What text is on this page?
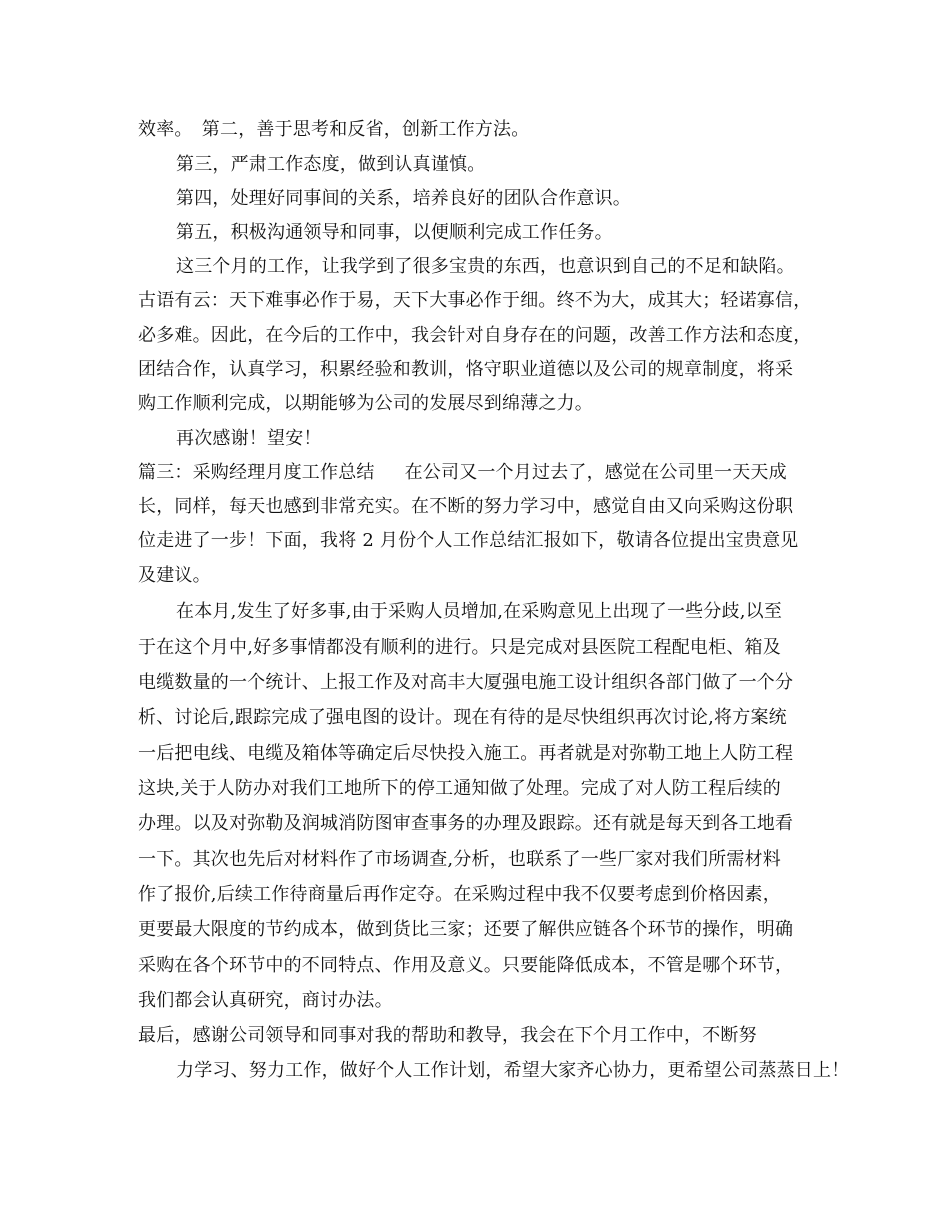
效率。　第二，善于思考和反省，创新工作方法。
第三，严肃工作态度，做到认真谨慎。
第四，处理好同事间的关系，培养良好的团队合作意识。
第五，积极沟通领导和同事，以便顺利完成工作任务。
这三个月的工作，让我学到了很多宝贵的东西，也意识到自己的不足和缺陷。
古语有云：天下难事必作于易，天下大事必作于细。终不为大，成其大；轻诺寡信，
必多难。因此，在今后的工作中，我会针对自身存在的问题，改善工作方法和态度，
团结合作，认真学习，积累经验和教训，恪守职业道德以及公司的规章制度，将采
购工作顺利完成，以期能够为公司的发展尽到绵薄之力。
再次感谢！望安！
篇三：采购经理月度工作总结 在公司又一个月过去了，感觉在公司里一天天成
长，同样，每天也感到非常充实。在不断的努力学习中，感觉自由又向采购这份职
位走进了一步！下面，我将 2 月份个人工作总结汇报如下，敬请各位提出宝贵意见
及建议。
在本月,发生了好多事,由于采购人员增加,在采购意见上出现了一些分歧,以至
于在这个月中,好多事情都没有顺利的进行。只是完成对县医院工程配电柜、箱及
电缆数量的一个统计、上报工作及对高丰大厦强电施工设计组织各部门做了一个分
析、讨论后,跟踪完成了强电图的设计。现在有待的是尽快组织再次讨论,将方案统
一后把电线、电缆及箱体等确定后尽快投入施工。再者就是对弥勒工地上人防工程
这块,关于人防办对我们工地所下的停工通知做了处理。完成了对人防工程后续的
办理。以及对弥勒及润城消防图审查事务的办理及跟踪。还有就是每天到各工地看
一下。其次也先后对材料作了市场调查,分析，也联系了一些厂家对我们所需材料
作了报价,后续工作待商量后再作定夺。在采购过程中我不仅要考虑到价格因素，
更要最大限度的节约成本，做到货比三家；还要了解供应链各个环节的操作，明确
采购在各个环节中的不同特点、作用及意义。只要能降低成本，不管是哪个环节，
我们都会认真研究，商讨办法。
最后，感谢公司领导和同事对我的帮助和教导，我会在下个月工作中，不断努
力学习、努力工作，做好个人工作计划，希望大家齐心协力，更希望公司蒸蒸日上！
